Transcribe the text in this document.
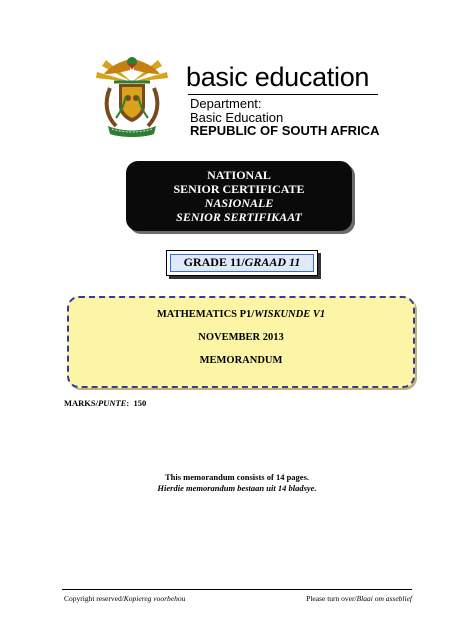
basic education
Department:
Basic Education
REPUBLIC OF SOUTH AFRICA
NATIONAL
SENIOR CERTIFICATE
NASIONALE
SENIOR SERTIFIKAAT
GRADE 11/GRAAD 11
MATHEMATICS P1/WISKUNDE V1
NOVEMBER 2013
MEMORANDUM
MARKS/PUNTE: 150
This memorandum consists of 14 pages.
Hierdie memorandum bestaan uit 14 bladsye.
Copyright reserved/Kopiereg voorbehou	Please turn over/Blaai om asseblief
